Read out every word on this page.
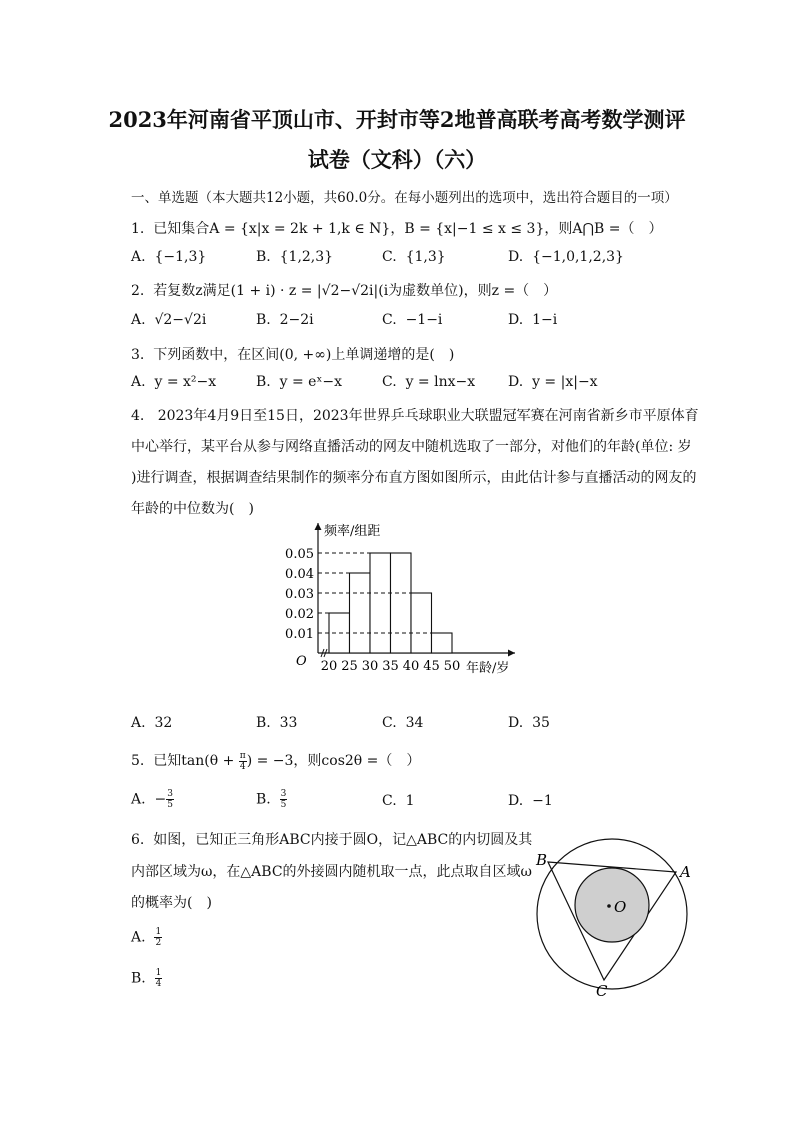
2023年河南省平顶山市、开封市等2地普高联考高考数学测评
试卷（文科）（六）
一、单选题（本大题共12小题，共60.0分。在每小题列出的选项中，选出符合题目的一项）
1.  已知集合A = {x|x = 2k + 1,k ∈ N}，B = {x|−1 ≤ x ≤ 3}，则A⋂B =（　）
A.  {−1,3}	B.  {1,2,3}	C.  {1,3}	D.  {−1,0,1,2,3}
2.  若复数z满足(1 + i) · z = |√2−√2i|(i为虚数单位)，则z =（　）
A.  √2−√2i	B.  2−2i	C.  −1−i	D.  1−i
3.  下列函数中，在区间(0, +∞)上单调递增的是(　)
A.  y = x²−x	B.  y = eˣ−x	C.  y = lnx−x D.  y = |x|−x
4.   2023年4月9日至15日，2023年世界乒乓球职业大联盟冠军赛在河南省新乡市平原体育
中心举行，某平台从参与网络直播活动的网友中随机选取了一部分，对他们的年龄(单位: 岁
)进行调查，根据调查结果制作的频率分布直方图如图所示，由此估计参与直播活动的网友的
年龄的中位数为(　)
0.01
0.02
0.03
0.04
0.05
20 25 30 35 40 45 50
O
频率/组距
年龄/岁
A.  32	B.  33	C.  34	D.  35
5.  已知$\tan(\theta + \frac{\pi}{4}$ ) = −3，则cos2θ =（　）
A. − $\frac{3}{5}$	B. $\frac{3}{5}$	C. 1	D. −1
6.  如图，已知正三角形ABC内接于圆O，记△ABC的内切圆及其
内部区域为ω，在△ABC的外接圆内随机取一点，此点取自区域ω
的概率为(　)
A. $\frac{1}{2}$
B. $\frac{1}{4}$
O
B
A
C
